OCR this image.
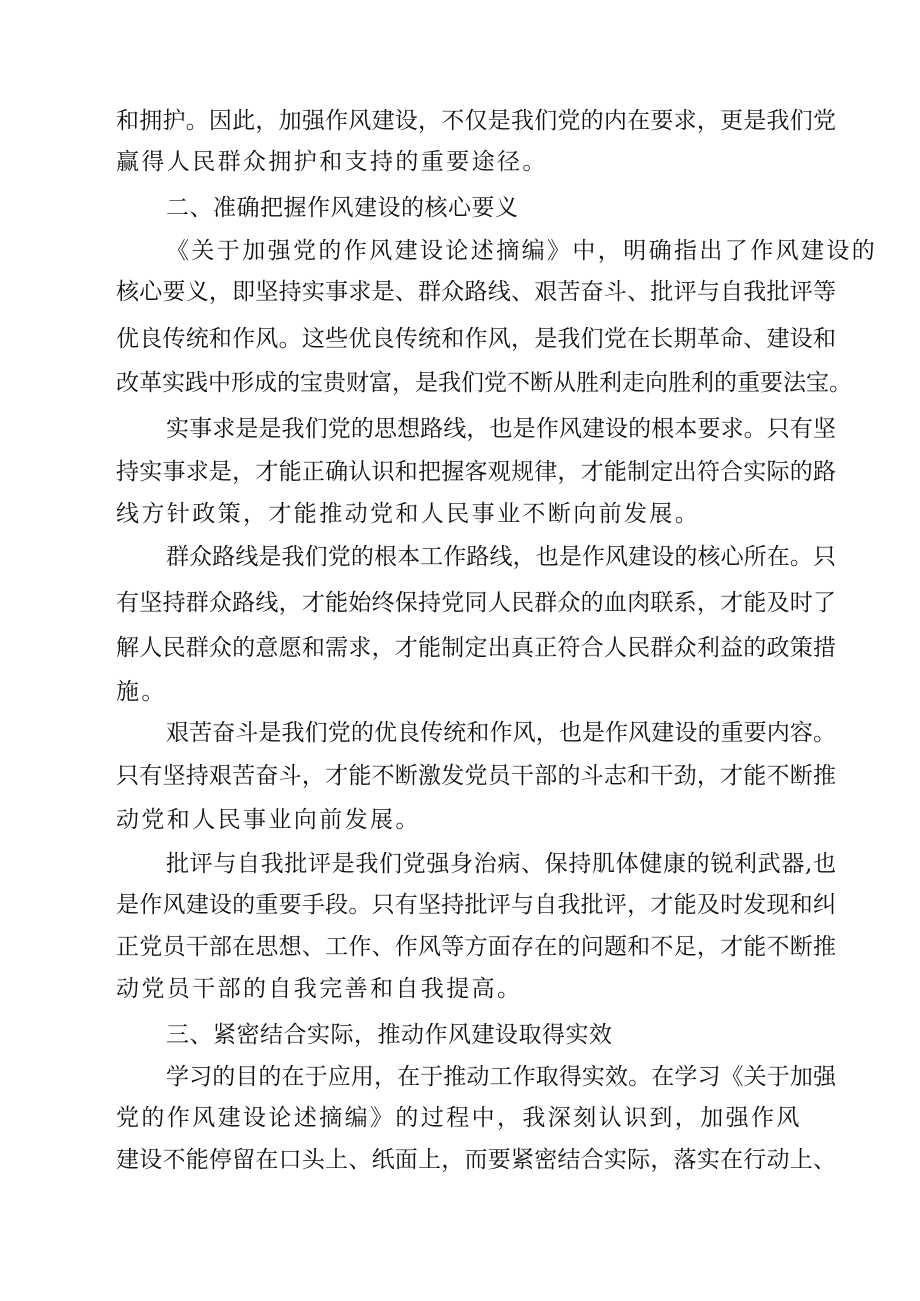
和拥护。因此，加强作风建设，不仅是我们党的内在要求，更是我们党
赢得人民群众拥护和支持的重要途径。
二、准确把握作风建设的核心要义
《关于加强党的作风建设论述摘编》中，明确指出了作风建设的
核心要义，即坚持实事求是、群众路线、艰苦奋斗、批评与自我批评等
优良传统和作风。这些优良传统和作风，是我们党在长期革命、建设和
改革实践中形成的宝贵财富，是我们党不断从胜利走向胜利的重要法宝。
实事求是是我们党的思想路线，也是作风建设的根本要求。只有坚
持实事求是，才能正确认识和把握客观规律，才能制定出符合实际的路
线方针政策，才能推动党和人民事业不断向前发展。
群众路线是我们党的根本工作路线，也是作风建设的核心所在。只
有坚持群众路线，才能始终保持党同人民群众的血肉联系，才能及时了
解人民群众的意愿和需求，才能制定出真正符合人民群众利益的政策措
施。
艰苦奋斗是我们党的优良传统和作风，也是作风建设的重要内容。
只有坚持艰苦奋斗，才能不断激发党员干部的斗志和干劲，才能不断推
动党和人民事业向前发展。
批评与自我批评是我们党强身治病、保持肌体健康的锐利武器,也
是作风建设的重要手段。只有坚持批评与自我批评，才能及时发现和纠
正党员干部在思想、工作、作风等方面存在的问题和不足，才能不断推
动党员干部的自我完善和自我提高。
三、紧密结合实际，推动作风建设取得实效
学习的目的在于应用，在于推动工作取得实效。在学习《关于加强
党的作风建设论述摘编》的过程中，我深刻认识到，加强作风
建设不能停留在口头上、纸面上，而要紧密结合实际，落实在行动上、
